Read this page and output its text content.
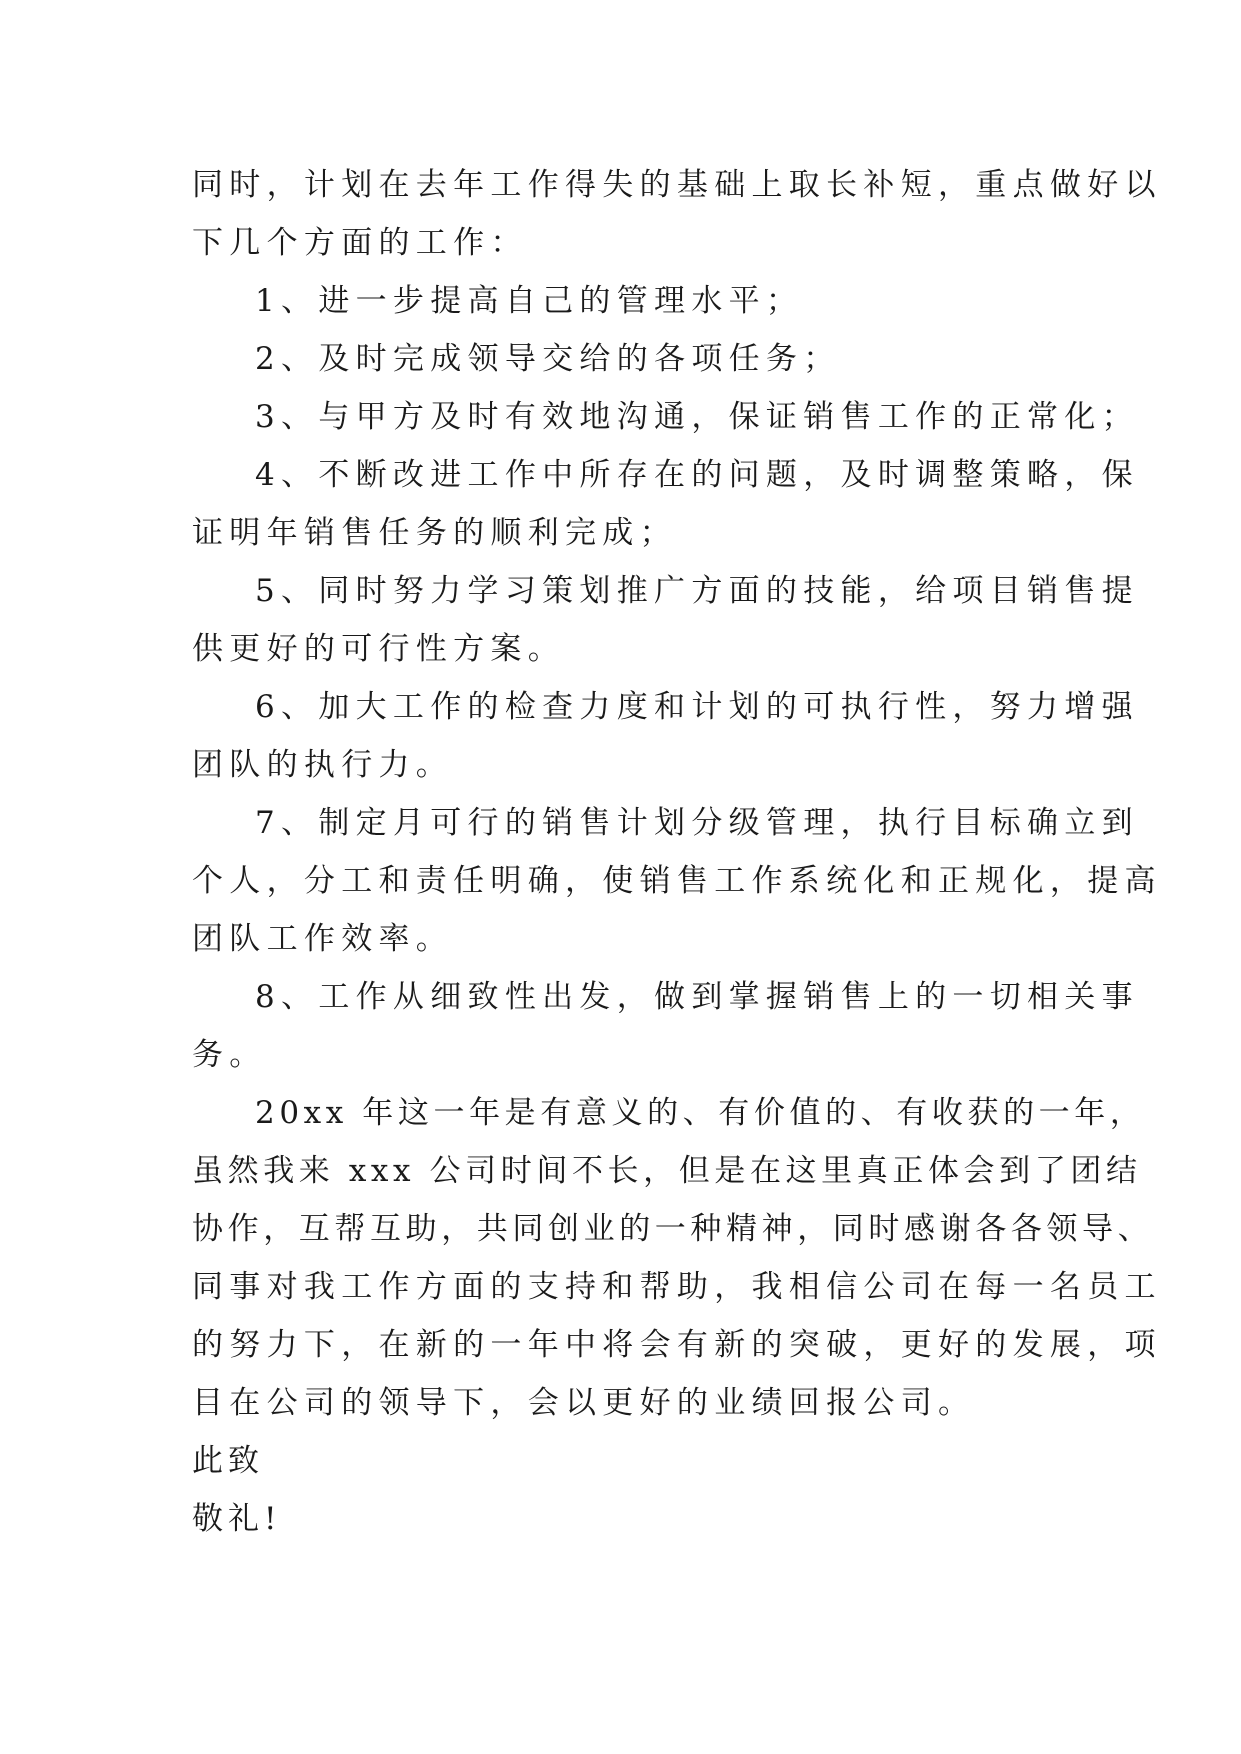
同时，计划在去年工作得失的基础上取长补短，重点做好以
下几个方面的工作：
1、进一步提高自己的管理水平；
2、及时完成领导交给的各项任务；
3、与甲方及时有效地沟通，保证销售工作的正常化；
4、不断改进工作中所存在的问题，及时调整策略，保
证明年销售任务的顺利完成；
5、同时努力学习策划推广方面的技能，给项目销售提
供更好的可行性方案。
6、加大工作的检查力度和计划的可执行性，努力增强
团队的执行力。
7、制定月可行的销售计划分级管理，执行目标确立到
个人，分工和责任明确，使销售工作系统化和正规化，提高
团队工作效率。
8、工作从细致性出发，做到掌握销售上的一切相关事
务。
20xx 年这一年是有意义的、有价值的、有收获的一年，
虽然我来 xxx 公司时间不长，但是在这里真正体会到了团结
协作，互帮互助，共同创业的一种精神，同时感谢各各领导、
同事对我工作方面的支持和帮助，我相信公司在每一名员工
的努力下，在新的一年中将会有新的突破，更好的发展，项
目在公司的领导下，会以更好的业绩回报公司。
此致
敬礼!
